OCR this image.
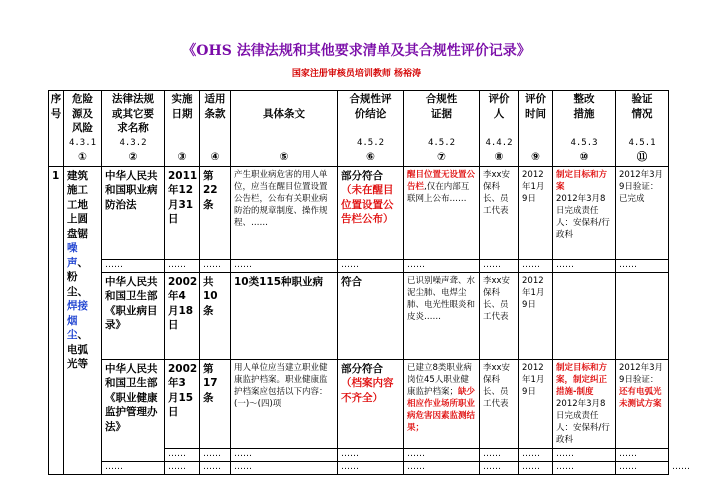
《OHS 法律法规和其他要求清单及其合规性评价记录》
国家注册审核员培训教师 杨裕涛
序
号	危险
源及
风险
4.3.1
①	法律法规
或其它要
求名称
4.3.2
②	实施
日期

③	适用
条款

④	具体条文

⑤	合规性评
价结论

4.5.2
⑥	合规性
证据

4.5.2
⑦	评价
人

4.4.2
⑧	评价
时间

⑨	整改
措施

4.5.3
⑩	验证
情况

4.5.1
⑪	

1	建筑施工工地上圆盘锯噪声、粉尘、焊接烟尘、电弧光等	中华人民共和国职业病防治法	2011年12月31日	第22条	产生职业病危害的用人单位，应当在醒目位置设置公告栏，公布有关职业病防治的规章制度、操作规程、……	部分符合
（未在醒目位置设置公告栏公布）	醒目位置无设置公告栏,仅在内部互联网上公布……	李xx安保科长、员工代表	2012年1月9日	制定目标和方案
2012年3月8日完成责任人：安保科/行政科	2012年3月9日验证：已完成	
		……	……	……	……	……	……	……	……	……	……	
		中华人民共和国卫生部《职业病目录》	2002年4月18日	共10条	10类115种职业病	符合	已识别噪声聋、水泥尘肺、电焊尘肺、电光性眼炎和皮炎……	李xx安保科长、员工代表	2012年1月9日			
		中华人民共和国卫生部《职业健康监护管理办法》	2002年3月15日	第17条	用人单位应当建立职业健康监护档案。职业健康监护档案应包括以下内容：(一)～(四)项	部分符合
（档案内容不齐全）	已建立8类职业病岗位45人职业健康监护档案；缺少相应作业场所职业病危害因素监测结果；	李xx安保科长、员工代表	2012年1月9日	制定目标和方案，制定纠正措施-制度
2012年3月8日完成责任人：安保科/行政科	2012年3月9日验证：还有电弧光未测试方案	
			……	……	……	……	……	……	……	……	……	
		……	……	……	……	……	……	……	……	……	……	……
